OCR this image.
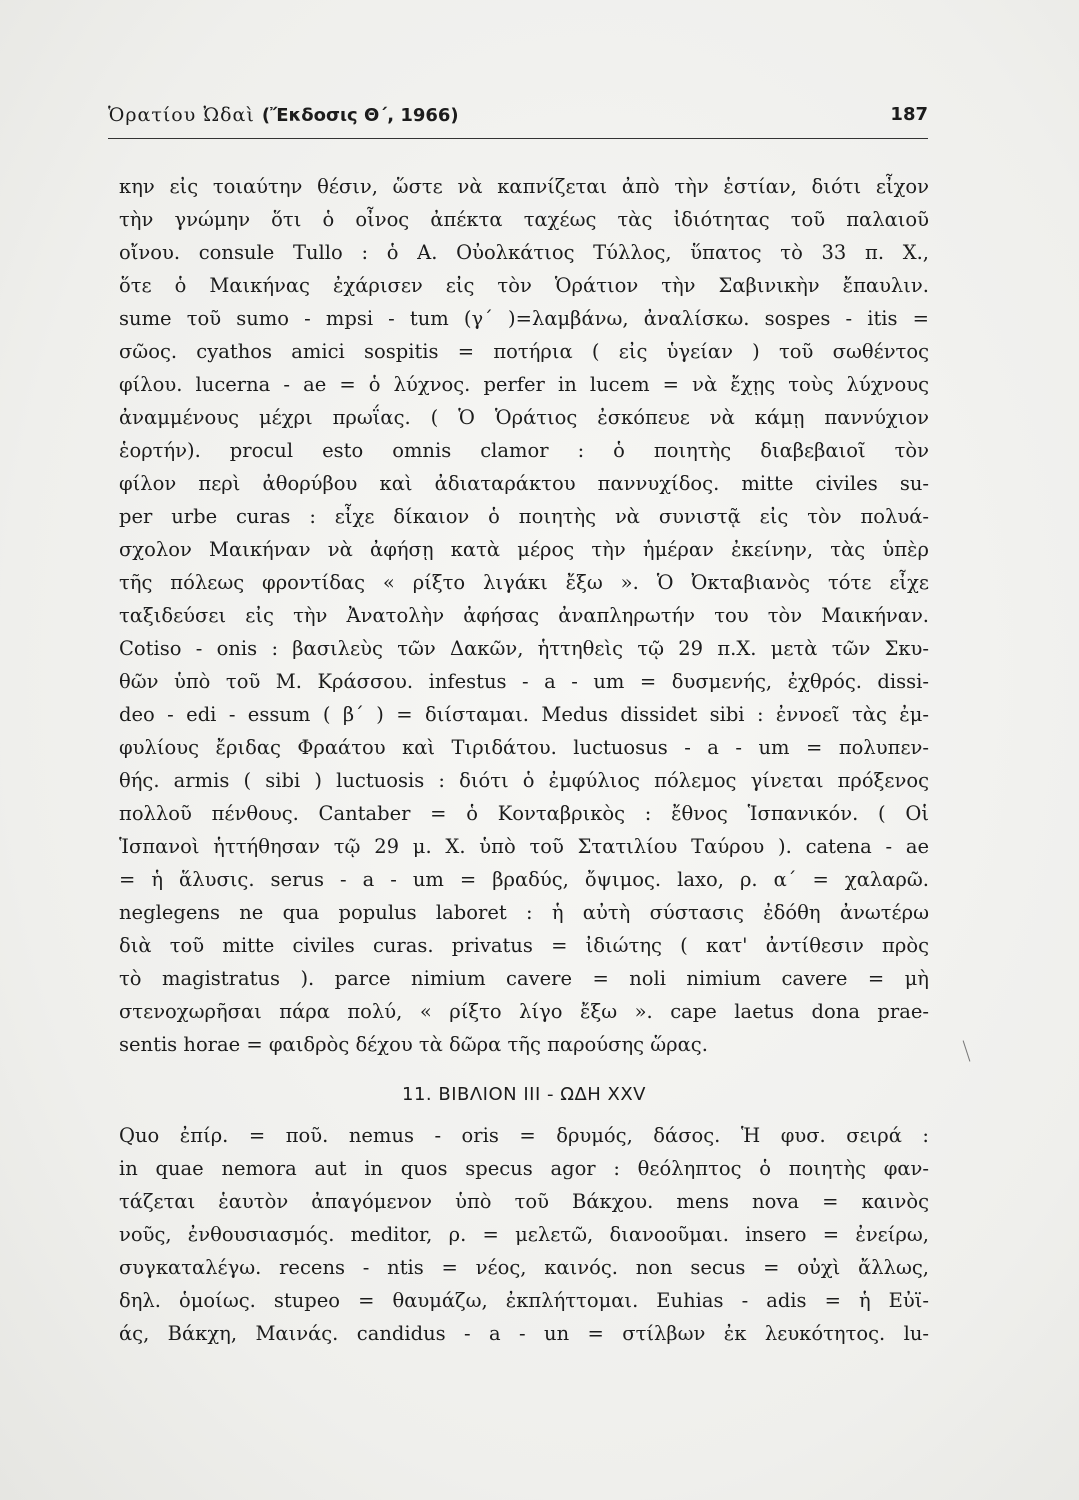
Ὁρατίου Ὠδαὶ (Ἔκδοσις Θ΄, 1966)	187
κην εἰς τοιαύτην θέσιν, ὥστε νὰ καπνίζεται ἀπὸ τὴν ἑστίαν, διότι εἶχον
τὴν γνώμην ὅτι ὁ οἶνος ἀπέκτα ταχέως τὰς ἰδιότητας τοῦ παλαιοῦ
οἴνου. consule Tullo : ὁ Α. Οὐολκάτιος Τύλλος, ὕπατος τὸ 33 π. Χ.,
ὅτε ὁ Μαικήνας ἐχάρισεν εἰς τὸν Ὁράτιον τὴν Σαβινικὴν ἔπαυλιν.
sume τοῦ sumo - mpsi - tum (γ΄ )=λαμβάνω, ἀναλίσκω. sospes - itis =
σῶος. cyathos amici sospitis = ποτήρια ( εἰς ὑγείαν ) τοῦ σωθέντος
φίλου. lucerna - ae = ὁ λύχνος. perfer in lucem = νὰ ἔχῃς τοὺς λύχνους
ἀναμμένους μέχρι πρωΐας. ( Ὁ Ὁράτιος ἐσκόπευε νὰ κάμῃ παννύχιον
ἑορτήν). procul esto omnis clamor : ὁ ποιητὴς διαβεβαιοῖ τὸν
φίλον περὶ ἀθορύβου καὶ ἀδιαταράκτου παννυχίδος. mitte civiles su-
per urbe curas : εἶχε δίκαιον ὁ ποιητὴς νὰ συνιστᾷ εἰς τὸν πολυά-
σχολον Μαικήναν νὰ ἀφήσῃ κατὰ μέρος τὴν ἡμέραν ἐκείνην, τὰς ὑπὲρ
τῆς πόλεως φροντίδας « ρίξτο λιγάκι ἔξω ». Ὁ Ὀκταβιανὸς τότε εἶχε
ταξιδεύσει εἰς τὴν Ἀνατολὴν ἀφήσας ἀναπληρωτήν του τὸν Μαικήναν.
Cotiso - onis : βασιλεὺς τῶν Δακῶν, ἡττηθεὶς τῷ 29 π.Χ. μετὰ τῶν Σκυ-
θῶν ὑπὸ τοῦ Μ. Κράσσου. infestus - a - um = δυσμενής, ἐχθρός. dissi-
deo - edi - essum ( β΄ ) = διίσταμαι. Medus dissidet sibi : ἐννοεῖ τὰς ἐμ-
φυλίους ἔριδας Φραάτου καὶ Τιριδάτου. luctuosus - a - um = πολυπεν-
θής. armis ( sibi ) luctuosis : διότι ὁ ἐμφύλιος πόλεμος γίνεται πρόξενος
πολλοῦ πένθους. Cantaber = ὁ Κονταβρικὸς : ἔθνος Ἱσπανικόν. ( Οἱ
Ἱσπανοὶ ἡττήθησαν τῷ 29 μ. Χ. ὑπὸ τοῦ Στατιλίου Ταύρου ). catena - ae
= ἡ ἅλυσις. serus - a - um = βραδύς, ὄψιμος. laxo, ρ. α΄ = χαλαρῶ.
neglegens ne qua populus laboret : ἡ αὐτὴ σύστασις ἐδόθη ἀνωτέρω
διὰ τοῦ mitte civiles curas. privatus = ἰδιώτης ( κατ' ἀντίθεσιν πρὸς
τὸ magistratus ). parce nimium cavere = noli nimium cavere = μὴ
στενοχωρῆσαι πάρα πολύ, « ρίξτο λίγο ἔξω ». cape laetus dona prae-
sentis horae = φαιδρὸς δέχου τὰ δῶρα τῆς παρούσης ὥρας.
11. ΒΙΒΛΙΟΝ ΙΙΙ - ΩΔΗ XXV
Quo ἐπίρ. = ποῦ. nemus - oris = δρυμός, δάσος. Ἡ φυσ. σειρά :
in quae nemora aut in quos specus agor : θεόληπτος ὁ ποιητὴς φαν-
τάζεται ἑαυτὸν ἀπαγόμενον ὑπὸ τοῦ Βάκχου. mens nova = καινὸς
νοῦς, ἐνθουσιασμός. meditor, ρ. = μελετῶ, διανοοῦμαι. insero = ἐνείρω,
συγκαταλέγω. recens - ntis = νέος, καινός. non secus = οὐχὶ ἄλλως,
δηλ. ὁμοίως. stupeo = θαυμάζω, ἐκπλήττομαι. Euhias - adis = ἡ Εὐϊ-
άς, Βάκχη, Μαινάς. candidus - a - un = στίλβων ἐκ λευκότητος. lu-
